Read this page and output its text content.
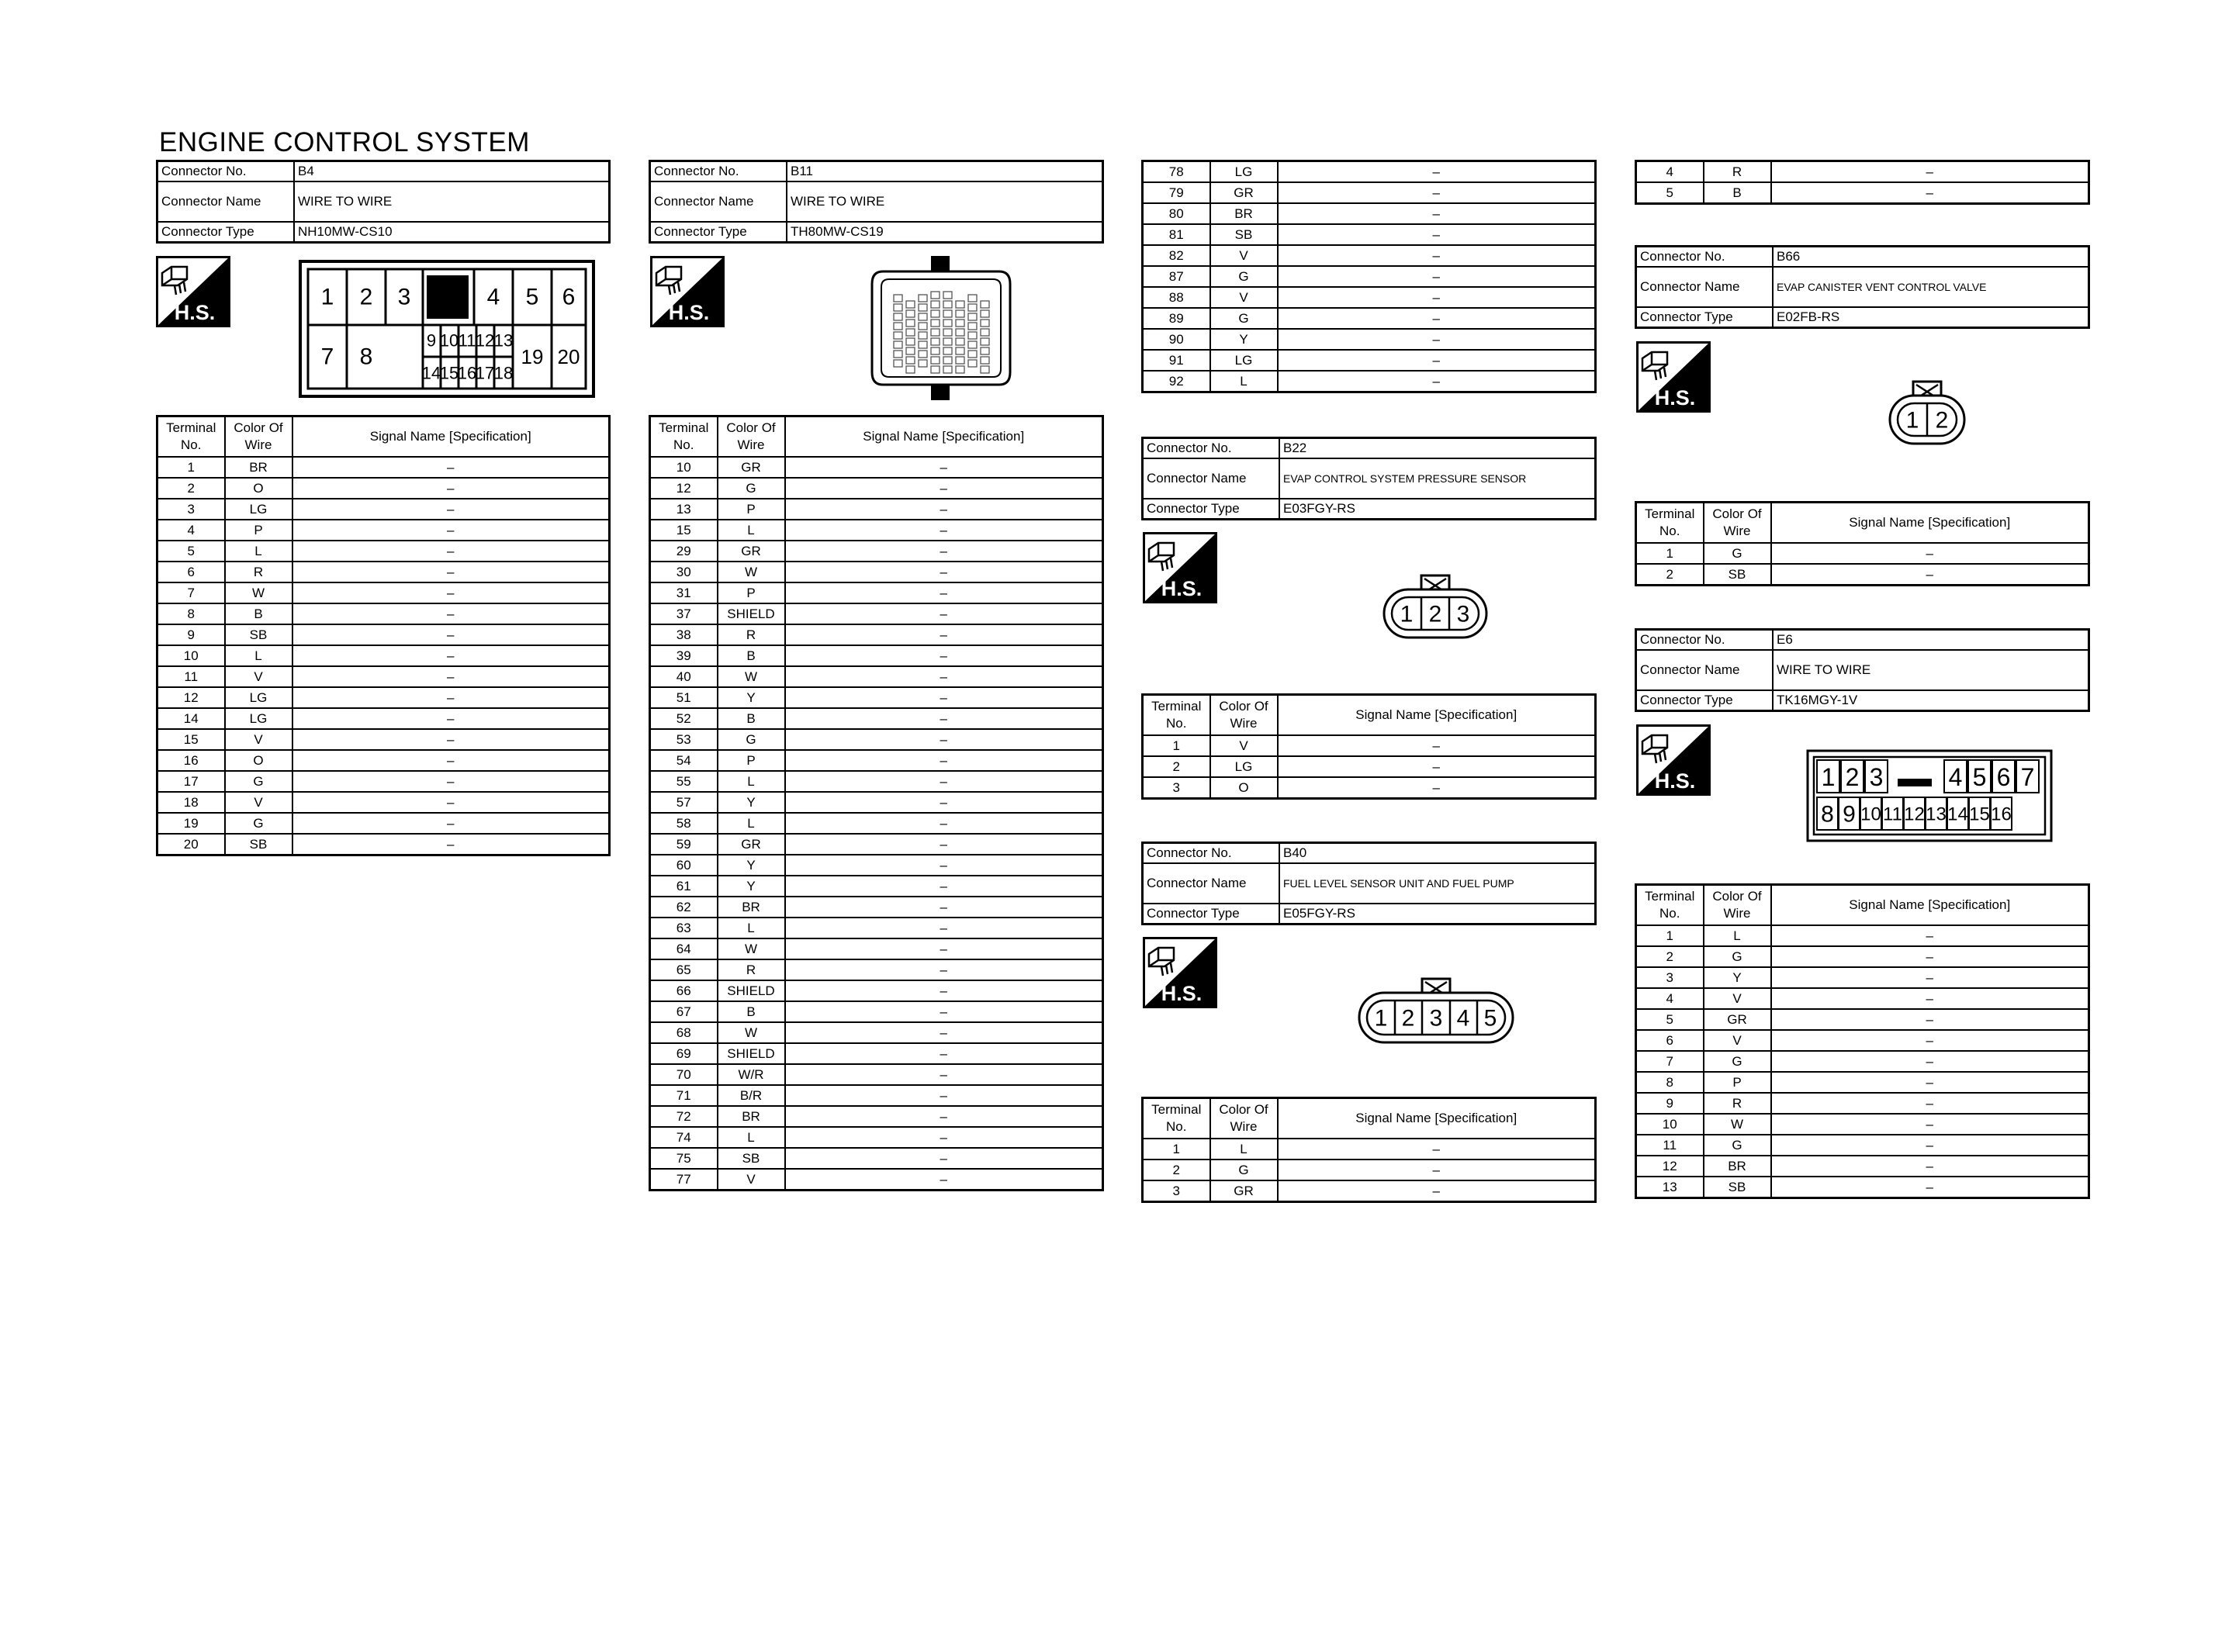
ENGINE CONTROL SYSTEM
Connector No.	B4
Connector Name	WIRE TO WIRE
Connector Type	NH10MW-CS10
H.S.
1 2 3	4 5 6
7 8
9 10 11 12 13
14
15
16
17 18
19 20
Terminal No.	Color Of Wire	Signal Name [Specification]
1	BR	–
2	O	–
3	LG	–
4	P	–
5	L	–
6	R	–
7	W	–
8	B	–
9	SB	–
10	L	–
11	V	–
12	LG	–
14	LG	–
15	V	–
16	O	–
17	G	–
18	V	–
19	G	–
20	SB	–
Connector No.	B11
Connector Name	WIRE TO WIRE
Connector Type	TH80MW-CS19
H.S.
Terminal No.	Color Of Wire	Signal Name [Specification]
10	GR	–
12	G	–
13	P	–
15	L	–
29	GR	–
30	W	–
31	P	–
37	SHIELD	–
38	R	–
39	B	–
40	W	–
51	Y	–
52	B	–
53	G	–
54	P	–
55	L	–
57	Y	–
58	L	–
59	GR	–
60	Y	–
61	Y	–
62	BR	–
63	L	–
64	W	–
65	R	–
66	SHIELD	–
67	B	–
68	W	–
69	SHIELD	–
70	W/R	–
71	B/R	–
72	BR	–
74	L	–
75	SB	–
77	V	–
78	LG	–
79	GR	–
80	BR	–
81	SB	–
82	V	–
87	G	–
88	V	–
89	G	–
90	Y	–
91	LG	–
92	L	–
Connector No.	B22
Connector Name	EVAP CONTROL SYSTEM PRESSURE SENSOR
Connector Type	E03FGY-RS
H.S.
1 2 3
Terminal No.	Color Of Wire	Signal Name [Specification]
1	V	–
2	LG	–
3	O	–
Connector No.	B40
Connector Name	FUEL LEVEL SENSOR UNIT AND FUEL PUMP
Connector Type	E05FGY-RS
H.S.
1 2 3 4 5
Terminal No.	Color Of Wire	Signal Name [Specification]
1	L	–
2	G	–
3	GR	–
4	R	–
5	B	–
Connector No.	B66
Connector Name	EVAP CANISTER VENT CONTROL VALVE
Connector Type	E02FB-RS
H.S.
1 2
Terminal No.	Color Of Wire	Signal Name [Specification]
1	G	–
2	SB	–
Connector No.	E6
Connector Name	WIRE TO WIRE
Connector Type	TK16MGY-1V
H.S.	1 2 3	4 5 6 7
8 9 10 11 12 13 14 15 16
Terminal No.	Color Of Wire	Signal Name [Specification]
1	L	–
2	G	–
3	Y	–
4	V	–
5	GR	–
6	V	–
7	G	–
8	P	–
9	R	–
10	W	–
11	G	–
12	BR	–
13	SB	–
